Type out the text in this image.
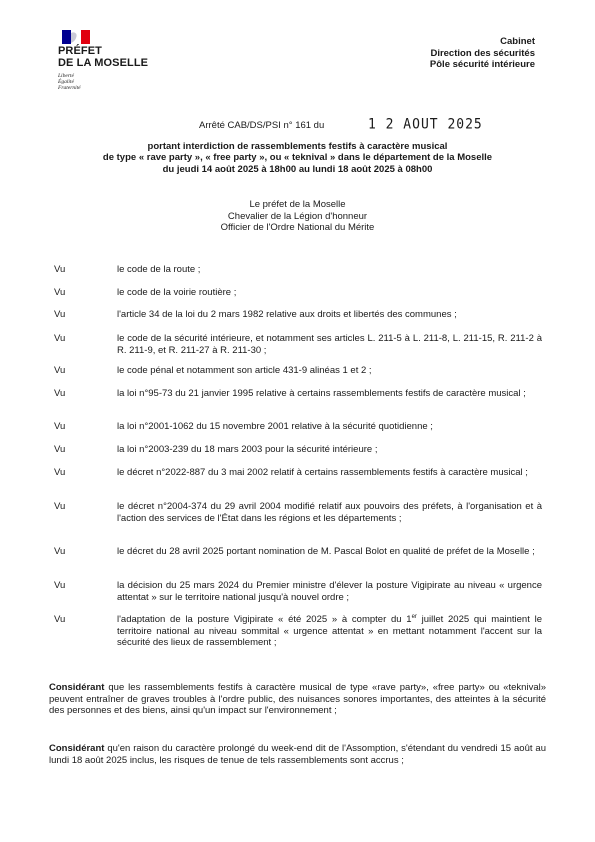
PRÉFET
DE LA MOSELLE
Liberté
Égalité
Fraternité
Cabinet
Direction des sécurités
Pôle sécurité intérieure
Arrêté CAB/DS/PSI n° 161 du	1 2 AOUT 2025
portant interdiction de rassemblements festifs à caractère musical
de type « rave party », « free party », ou « teknival » dans le département de la Moselle
du jeudi 14 août 2025 à 18h00 au lundi 18 août 2025 à 08h00
Le préfet de la Moselle
Chevalier de la Légion d'honneur
Officier de l'Ordre National du Mérite
Vu	le code de la route ;
Vu	le code de la voirie routière ;
Vu	l'article 34 de la loi du 2 mars 1982 relative aux droits et libertés des communes ;
Vu	le code de la sécurité intérieure, et notamment ses articles L. 211-5 à L. 211-8, L. 211-15, R. 211-2 à R. 211-9, et R. 211-27 à R. 211-30 ;
Vu	le code pénal et notamment son article 431-9 alinéas 1 et 2 ;
Vu	la loi n°95-73 du 21 janvier 1995 relative à certains rassemblements festifs de caractère musical ;
Vu	la loi n°2001-1062 du 15 novembre 2001 relative à la sécurité quotidienne ;
Vu	la loi n°2003-239 du 18 mars 2003 pour la sécurité intérieure ;
Vu	le décret n°2022-887 du 3 mai 2002 relatif à certains rassemblements festifs à caractère musical ;
Vu	le décret n°2004-374 du 29 avril 2004 modifié relatif aux pouvoirs des préfets, à l'organisation et à l'action des services de l'État dans les régions et les départements ;
Vu	le décret du 28 avril 2025 portant nomination de M. Pascal Bolot en qualité de préfet de la Moselle ;
Vu	la décision du 25 mars 2024 du Premier ministre d'élever la posture Vigipirate au niveau « urgence attentat » sur le territoire national jusqu'à nouvel ordre ;
Vu	l'adaptation de la posture Vigipirate « été 2025 » à compter du 1er juillet 2025 qui maintient le territoire national au niveau sommital « urgence attentat » en mettant notamment l'accent sur la sécurité des lieux de rassemblement ;
Considérant que les rassemblements festifs à caractère musical de type «rave party», «free party» ou «teknival» peuvent entraîner de graves troubles à l'ordre public, des nuisances sonores importantes, des atteintes à la sécurité des personnes et des biens, ainsi qu'un impact sur l'environnement ;
Considérant qu'en raison du caractère prolongé du week-end dit de l'Assomption, s'étendant du vendredi 15 août au lundi 18 août 2025 inclus, les risques de tenue de tels rassemblements sont accrus ;
